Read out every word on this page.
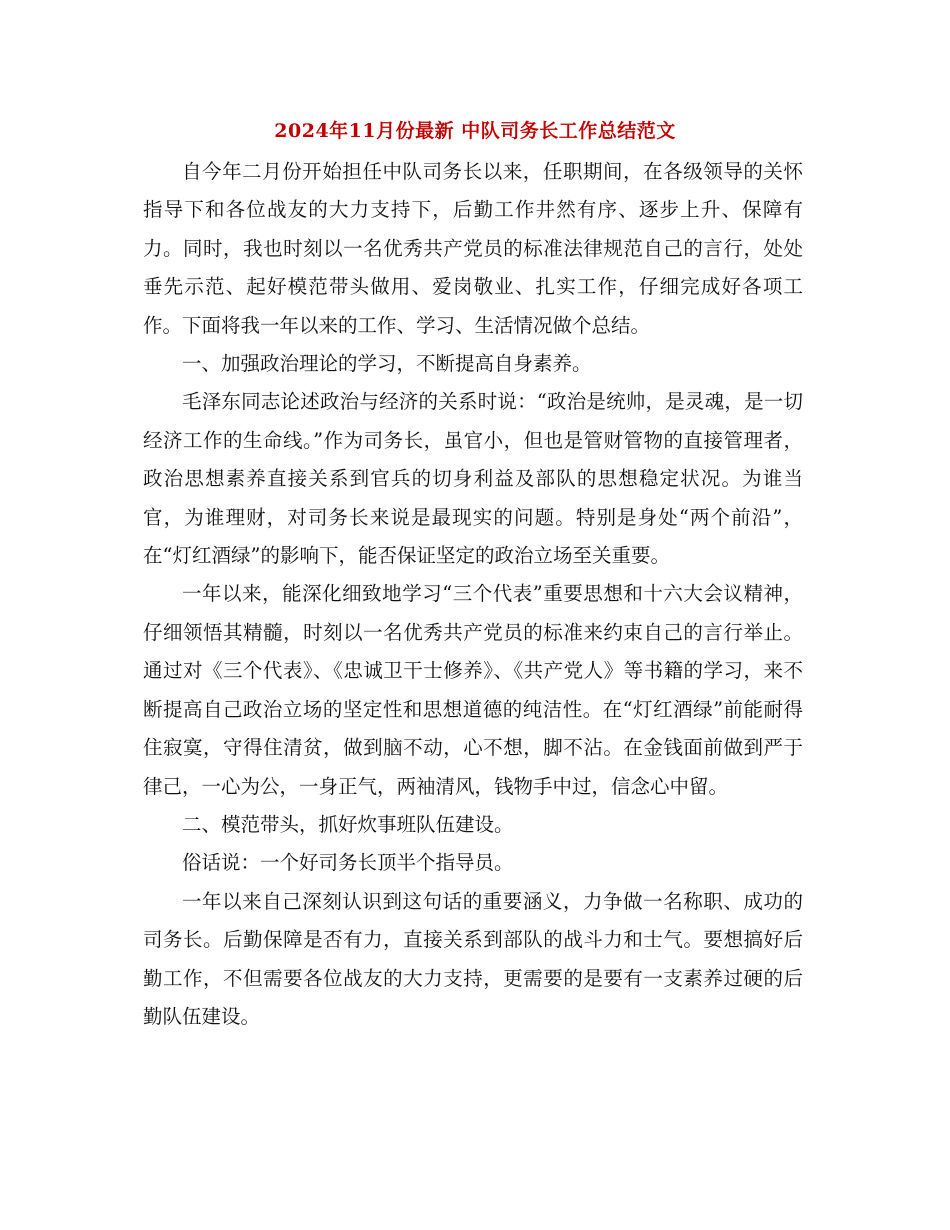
2024年11月份最新 中队司务长工作总结范文

自今年二月份开始担任中队司务长以来，任职期间，在各级领导的关怀指导下和各位战友的大力支持下，后勤工作井然有序、逐步上升、保障有力。同时，我也时刻以一名优秀共产党员的标准法律规范自己的言行，处处垂先示范、起好模范带头做用、爱岗敬业、扎实工作，仔细完成好各项工作。下面将我一年以来的工作、学习、生活情况做个总结。

一、加强政治理论的学习，不断提高自身素养。

毛泽东同志论述政治与经济的关系时说：“政治是统帅，是灵魂，是一切经济工作的生命线。”作为司务长，虽官小，但也是管财管物的直接管理者，政治思想素养直接关系到官兵的切身利益及部队的思想稳定状况。为谁当官，为谁理财，对司务长来说是最现实的问题。特别是身处“两个前沿”， 在“灯红酒绿”的影响下，能否保证坚定的政治立场至关重要。

一年以来，能深化细致地学习“三个代表”重要思想和十六大会议精神，仔细领悟其精髓，时刻以一名优秀共产党员的标准来约束自己的言行举止。通过对《三个代表》、《忠诚卫干士修养》、《共产党人》等书籍的学习，来不断提高自己政治立场的坚定性和思想道德的纯洁性。在“灯红酒绿”前能耐得住寂寞，守得住清贫，做到脑不动，心不想，脚不沾。在金钱面前做到严于律己，一心为公，一身正气，两袖清风，钱物手中过，信念心中留。

二、模范带头，抓好炊事班队伍建设。

俗话说：一个好司务长顶半个指导员。

一年以来自己深刻认识到这句话的重要涵义，力争做一名称职、成功的司务长。后勤保障是否有力，直接关系到部队的战斗力和士气。要想搞好后勤工作，不但需要各位战友的大力支持，更需要的是要有一支素养过硬的后勤队伍建设。
